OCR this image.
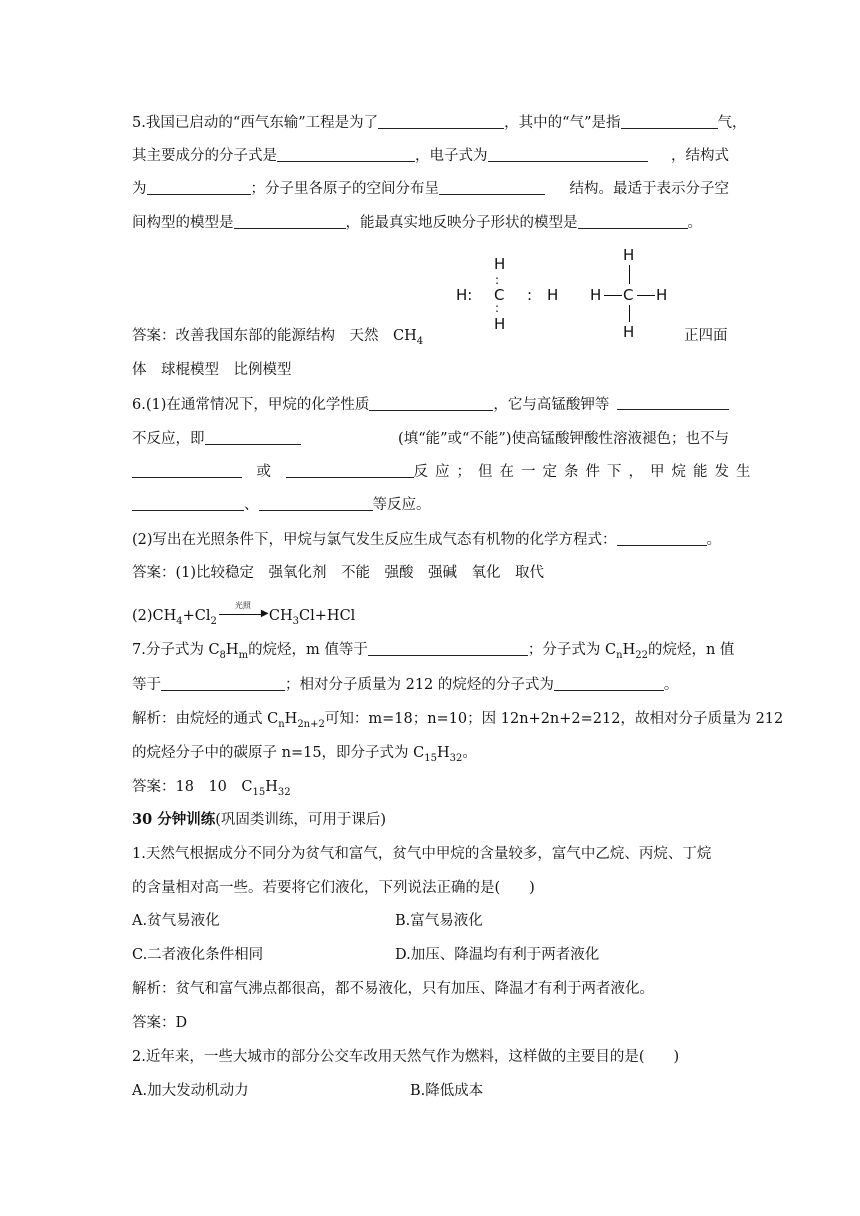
5.我国已启动的“西气东输”工程是为了	，其中的“气”是指	气，
其主要成分的分子式是	，电子式为	，结构式
为	；分子里各原子的空间分布呈	结构。最适于表示分子空
间构型的模型是	，能最真实地反映分子形状的模型是	。
H
:
H: C : H
:
H
H
H C H
H
答案：改善我国东部的能源结构　天然　$CH_4$	正四面
体　球棍模型　比例模型
6.(1)在通常情况下，甲烷的化学性质	，它与高锰酸钾等
不反应，即	(填“能”或“不能”)使高锰酸钾酸性溶液褪色；也不与
　或　	反应；但在一定条件下，甲烷能发生
、	等反应。
(2)写出在光照条件下，甲烷与氯气发生反应生成气态有机物的化学方程式：	。
答案：(1)比较稳定　强氧化剂　不能　强酸　强碱　氧化　取代
$(2)CH_4+Cl_2$
光照
▶ $CH_3Cl+HCl$
7.分子式为 $C_8H_m$的烷烃，m 值等于	；分子式为 $C_nH_{22}$ 的烷烃，n 值
等于	；相对分子质量为 212 的烷烃的分子式为	。
解析：由烷烃的通式 $C_nH_{2n+2}$ 可知：m=18；n=10；因 12n+2n+2=212，故相对分子质量为 212
的烷烃分子中的碳原子 n=15，即分子式为 $C_{15}H_{32}$。
答案：18　10　$C_{15}H_{32}$
30 分钟训练(巩固类训练，可用于课后)
1.天然气根据成分不同分为贫气和富气，贫气中甲烷的含量较多，富气中乙烷、丙烷、丁烷
的含量相对高一些。若要将它们液化，下列说法正确的是(　　)
A.贫气易液化	B.富气易液化
C.二者液化条件相同	D.加压、降温均有利于两者液化
解析：贫气和富气沸点都很高，都不易液化，只有加压、降温才有利于两者液化。
答案：D
2.近年来，一些大城市的部分公交车改用天然气作为燃料，这样做的主要目的是(　　)
A.加大发动机动力	B.降低成本
